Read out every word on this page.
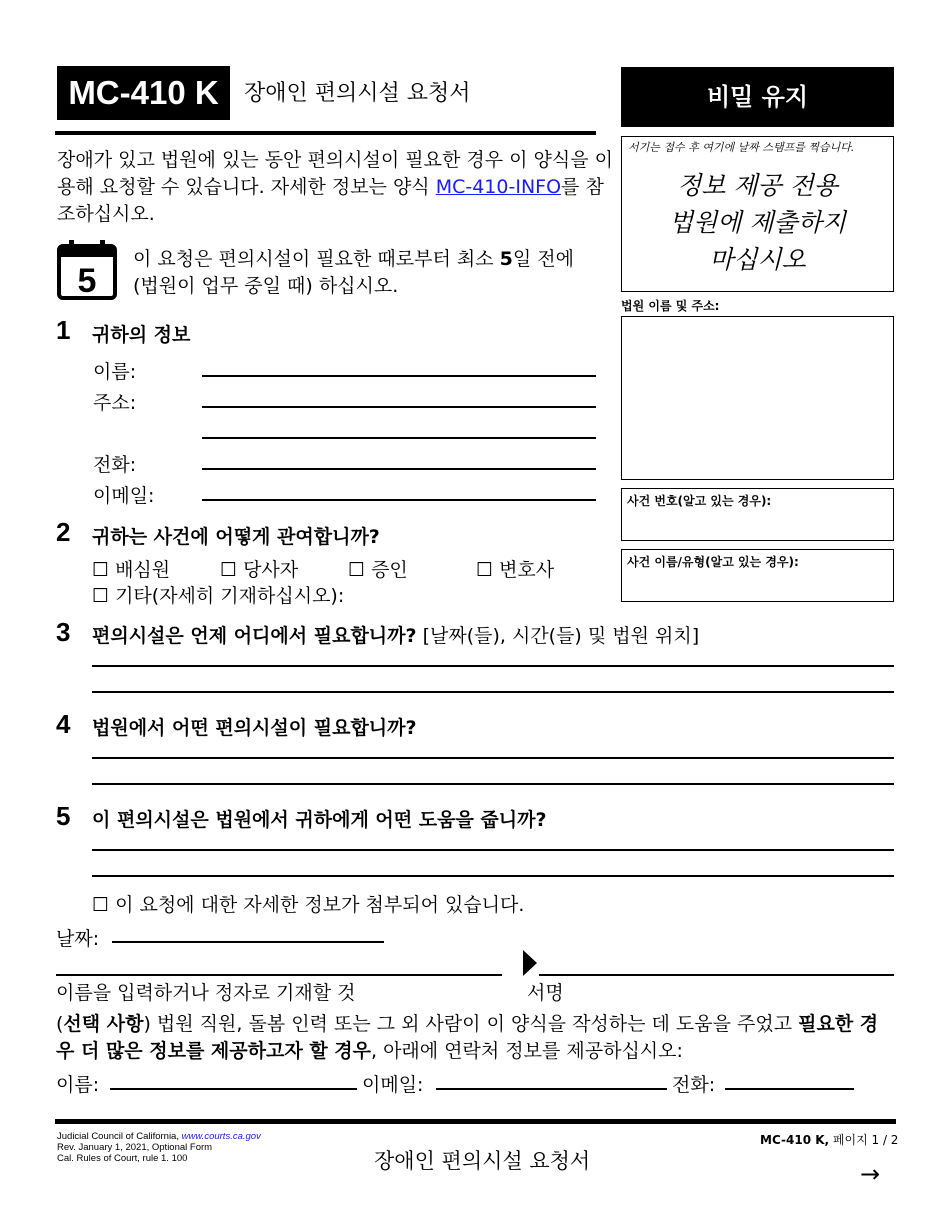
MC-410 K	장애인 편의시설 요청서
장애가 있고 법원에 있는 동안 편의시설이 필요한 경우 이 양식을 이용해 요청할 수 있습니다. 자세한 정보는 양식 MC-410-INFO를 참조하십시오.
5
이 요청은 편의시설이 필요한 때로부터 최소 5일 전에 (법원이 업무 중일 때) 하십시오.
1 귀하의 정보
이름:
주소:
전화:
이메일:
2 귀하는 사건에 어떻게 관여합니까?
☐ 배심원	☐ 당사자	☐ 증인	☐ 변호사
☐ 기타(자세히 기재하십시오):
3 편의시설은 언제 어디에서 필요합니까? [날짜(들), 시간(들) 및 법원 위치]
4 법원에서 어떤 편의시설이 필요합니까?
5 이 편의시설은 법원에서 귀하에게 어떤 도움을 줍니까?
☐ 이 요청에 대한 자세한 정보가 첨부되어 있습니다.
날짜:
이름을 입력하거나 정자로 기재할 것	서명
(선택 사항) 법원 직원, 돌봄 인력 또는 그 외 사람이 이 양식을 작성하는 데 도움을 주었고 필요한 경우 더 많은 정보를 제공하고자 할 경우, 아래에 연락처 정보를 제공하십시오:
이름:	이메일:	전화:
비밀 유지
서기는 접수 후 여기에 날짜 스탬프를 찍습니다.
정보 제공 전용
법원에 제출하지
마십시오
법원 이름 및 주소:
사건 번호(알고 있는 경우):
사건 이름/유형(알고 있는 경우):
Judicial Council of California, www.courts.ca.gov
Rev. January 1, 2021, Optional Form
Cal. Rules of Court, rule 1. 100	장애인 편의시설 요청서
MC-410 K, 페이지 1 / 2
→
